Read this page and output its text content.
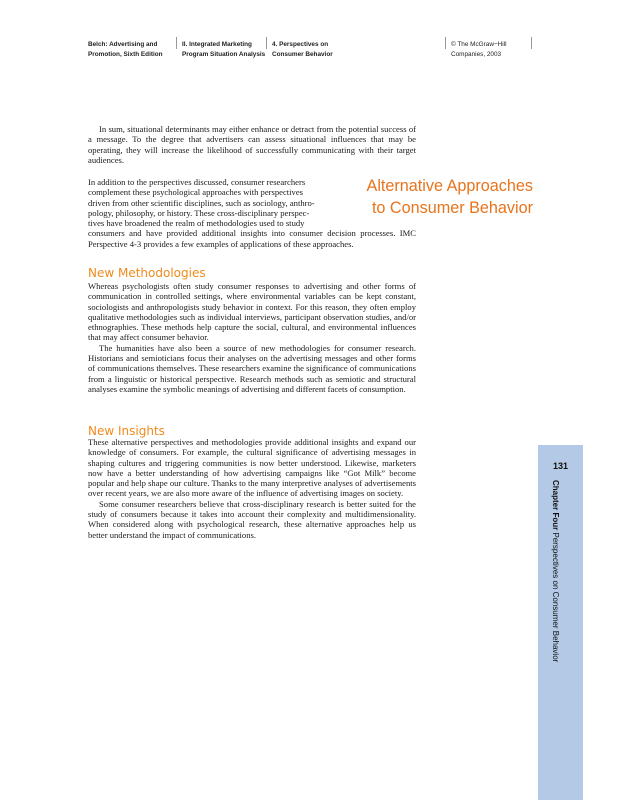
Belch: Advertising and
Promotion, Sixth Edition
II. Integrated Marketing
Program Situation Analysis
4. Perspectives on
Consumer Behavior
© The McGraw−Hill
Companies, 2003

In sum, situational determinants may either enhance or detract from the potential success of a message. To the degree that advertisers can assess situational influences that may be operating, they will increase the likelihood of successfully communicating with their target audiences.

Alternative Approaches
to Consumer Behavior
In addition to the perspectives discussed, consumer researchers
complement these psychological approaches with perspectives
driven from other scientific disciplines, such as sociology, anthro-
pology, philosophy, or history. These cross-disciplinary perspec-
tives have broadened the realm of methodologies used to study

consumers and have provided additional insights into consumer decision processes. IMC Perspective 4-3 provides a few examples of applications of these approaches.

New Methodologies

Whereas psychologists often study consumer responses to advertising and other forms of communication in controlled settings, where environmental variables can be kept constant, sociologists and anthropologists study behavior in context. For this reason, they often employ qualitative methodologies such as individual interviews, participant observation studies, and/or ethnographies. These methods help capture the social, cultural, and environmental influences that may affect consumer behavior.

The humanities have also been a source of new methodologies for consumer research. Historians and semioticians focus their analyses on the advertising messages and other forms of communications themselves. These researchers examine the significance of communications from a linguistic or historical perspective. Research methods such as semiotic and structural analyses examine the symbolic meanings of advertising and different facets of consumption.

New Insights

These alternative perspectives and methodologies provide additional insights and expand our knowledge of consumers. For example, the cultural significance of advertising messages in shaping cultures and triggering communities is now better understood. Likewise, marketers now have a better understanding of how advertising campaigns like “Got Milk” become popular and help shape our culture. Thanks to the many interpretive analyses of advertisements over recent years, we are also more aware of the influence of advertising images on society.

Some consumer researchers believe that cross-disciplinary research is better suited for the study of consumers because it takes into account their complexity and multidimensionality. When considered along with psychological research, these alternative approaches help us better understand the impact of communications.

131
Chapter Four Perspectives on Consumer Behavior
